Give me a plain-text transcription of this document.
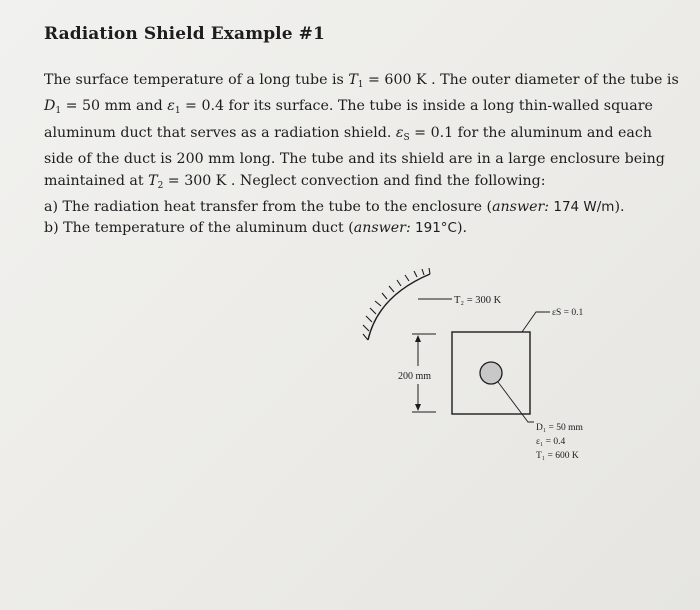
Radiation Shield Example #1
The surface temperature of a long tube is $T_1 = 600$ K . The outer diameter of the tube is
$D_1 = 50$ mm and $\varepsilon_1 = 0.4$ for its surface. The tube is inside a long thin-walled square
aluminum duct that serves as a radiation shield. $\varepsilon_S = 0.1$ for the aluminum and each
side of the duct is 200 mm long. The tube and its shield are in a large enclosure being
maintained at $T_2 = 300$ K . Neglect convection and find the following:
a) The radiation heat transfer from the tube to the enclosure (answer: 174 W/m).
b) The temperature of the aluminum duct (answer: 191°C).
T₂ = 300 K
εS = 0.1
D₁ = 50 mm
ε₁ = 0.4
T₁ = 600 K
200 mm
